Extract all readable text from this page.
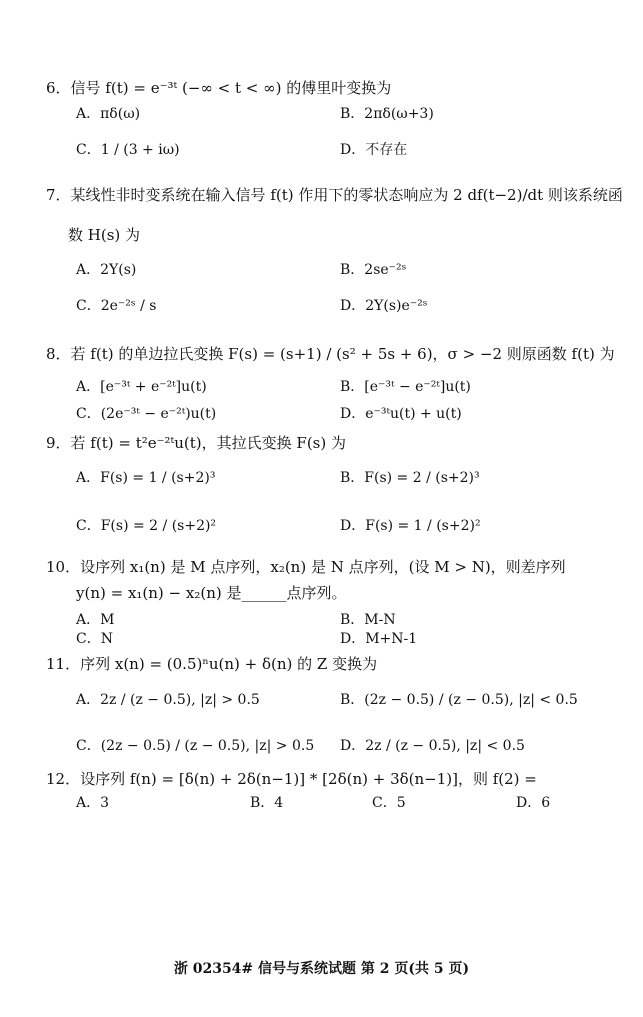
6．信号 f(t) = e⁻³ᵗ (−∞ < t < ∞) 的傅里叶变换为
A．πδ(ω)	B．2πδ(ω+3)
C．1 / (3 + iω)	D．不存在
7．某线性非时变系统在输入信号 f(t) 作用下的零状态响应为 2 df(t−2)/dt 则该系统函
数 H(s) 为
A．2Y(s)	B．2se⁻²ˢ
C．2e⁻²ˢ / s	D．2Y(s)e⁻²ˢ
8．若 f(t) 的单边拉氏变换 F(s) = (s+1) / (s² + 5s + 6)，σ > −2 则原函数 f(t) 为
A．[e⁻³ᵗ + e⁻²ᵗ]u(t)	B．[e⁻³ᵗ − e⁻²ᵗ]u(t)
C．(2e⁻³ᵗ − e⁻²ᵗ)u(t)	D．e⁻³ᵗu(t) + u(t)
9．若 f(t) = t²e⁻²ᵗu(t)，其拉氏变换 F(s) 为
A．F(s) = 1 / (s+2)³	B．F(s) = 2 / (s+2)³
C．F(s) = 2 / (s+2)²	D．F(s) = 1 / (s+2)²
10．设序列 x₁(n) 是 M 点序列，x₂(n) 是 N 点序列，(设 M > N)，则差序列
y(n) = x₁(n) − x₂(n) 是______点序列。
A．M	B．M-N
C．N	D．M+N-1
11．序列 x(n) = (0.5)ⁿu(n) + δ(n) 的 Z 变换为
A．2z / (z − 0.5), |z| > 0.5	B．(2z − 0.5) / (z − 0.5), |z| < 0.5
C．(2z − 0.5) / (z − 0.5), |z| > 0.5 D．2z / (z − 0.5), |z| < 0.5
12．设序列 f(n) = [δ(n) + 2δ(n−1)] * [2δ(n) + 3δ(n−1)]，则 f(2) =
A．3	B．4	C．5	D．6
浙 02354# 信号与系统试题 第 2 页(共 5 页)
